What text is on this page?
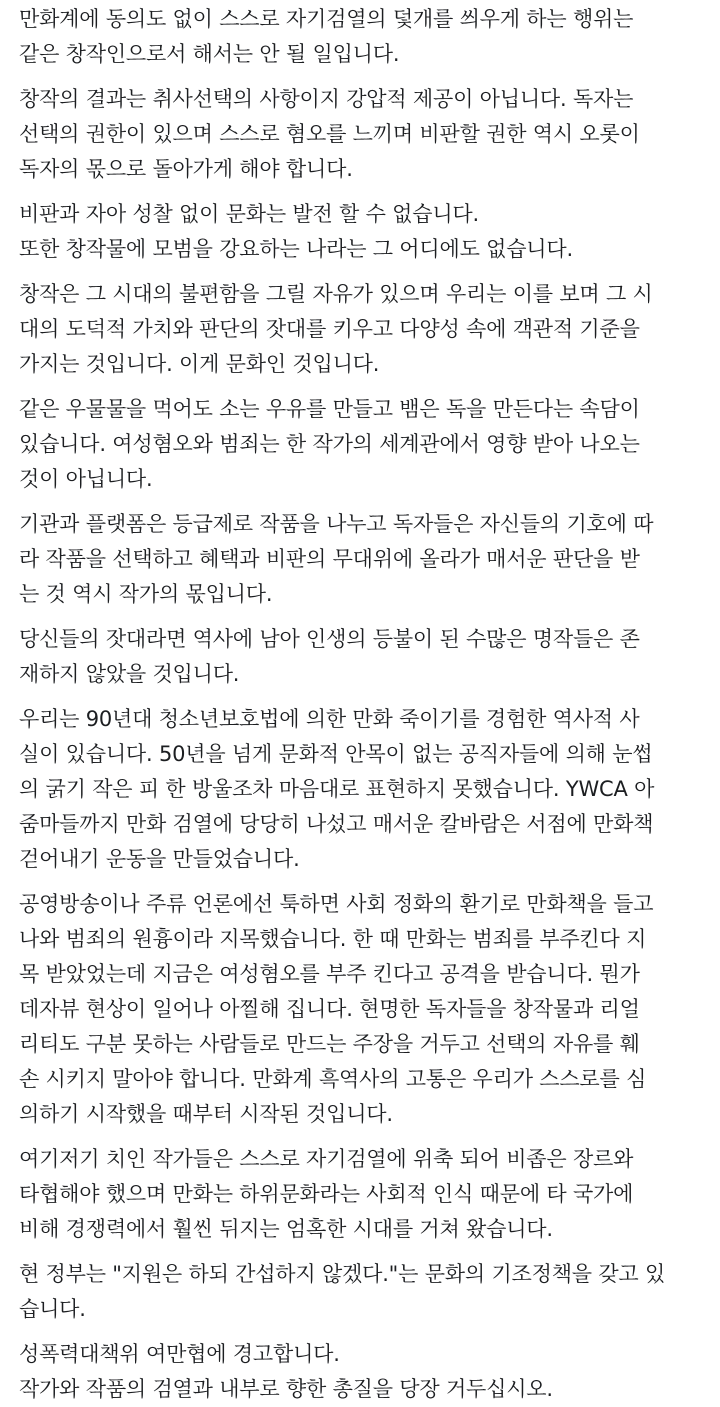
만화계에 동의도 없이 스스로 자기검열의 덫개를 씌우게 하는 행위는
같은 창작인으로서 해서는 안 될 일입니다.

창작의 결과는 취사선택의 사항이지 강압적 제공이 아닙니다. 독자는
선택의 권한이 있으며 스스로 혐오를 느끼며 비판할 권한 역시 오롯이
독자의 몫으로 돌아가게 해야 합니다.

비판과 자아 성찰 없이 문화는 발전 할 수 없습니다.
또한 창작물에 모범을 강요하는 나라는 그 어디에도 없습니다.

창작은 그 시대의 불편함을 그릴 자유가 있으며 우리는 이를 보며 그 시
대의 도덕적 가치와 판단의 잣대를 키우고 다양성 속에 객관적 기준을
가지는 것입니다. 이게 문화인 것입니다.

같은 우물물을 먹어도 소는 우유를 만들고 뱀은 독을 만든다는 속담이
있습니다. 여성혐오와 범죄는 한 작가의 세계관에서 영향 받아 나오는
것이 아닙니다.

기관과 플랫폼은 등급제로 작품을 나누고 독자들은 자신들의 기호에 따
라 작품을 선택하고 혜택과 비판의 무대위에 올라가 매서운 판단을 받
는 것 역시 작가의 몫입니다.

당신들의 잣대라면 역사에 남아 인생의 등불이 된 수많은 명작들은 존
재하지 않았을 것입니다.

우리는 90년대 청소년보호법에 의한 만화 죽이기를 경험한 역사적 사
실이 있습니다. 50년을 넘게 문화적 안목이 없는 공직자들에 의해 눈썹
의 굵기 작은 피 한 방울조차 마음대로 표현하지 못했습니다. YWCA 아
줌마들까지 만화 검열에 당당히 나섰고 매서운 칼바람은 서점에 만화책
걷어내기 운동을 만들었습니다.

공영방송이나 주류 언론에선 툭하면 사회 정화의 환기로 만화책을 들고
나와 범죄의 원흉이라 지목했습니다. 한 때 만화는 범죄를 부주킨다 지
목 받았었는데 지금은 여성혐오를 부주 킨다고 공격을 받습니다. 뭔가
데자뷰 현상이 일어나 아찔해 집니다. 현명한 독자들을 창작물과 리얼
리티도 구분 못하는 사람들로 만드는 주장을 거두고 선택의 자유를 훼
손 시키지 말아야 합니다. 만화계 흑역사의 고통은 우리가 스스로를 심
의하기 시작했을 때부터 시작된 것입니다.

여기저기 치인 작가들은 스스로 자기검열에 위축 되어 비좁은 장르와
타협해야 했으며 만화는 하위문화라는 사회적 인식 때문에 타 국가에
비해 경쟁력에서 훨씬 뒤지는 엄혹한 시대를 거쳐 왔습니다.

현 정부는 "지원은 하되 간섭하지 않겠다."는 문화의 기조정책을 갖고 있
습니다.

성폭력대책위 여만협에 경고합니다.
작가와 작품의 검열과 내부로 향한 총질을 당장 거두십시오.
